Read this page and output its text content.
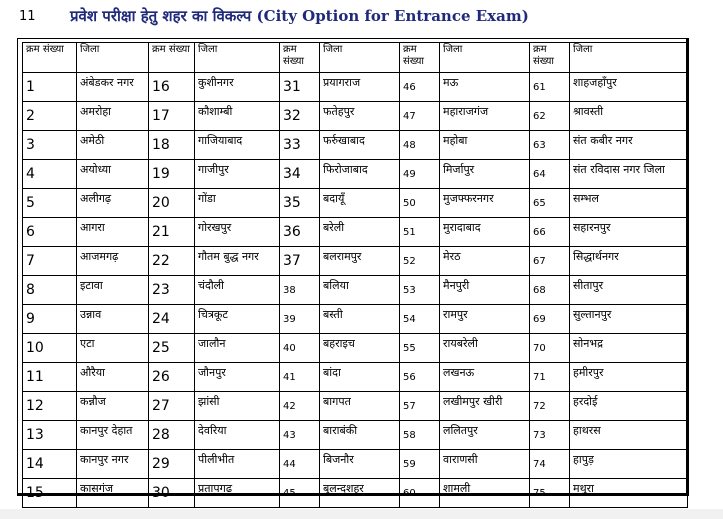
11 प्रवेश परीक्षा हेतु शहर का विकल्प (City Option for Entrance Exam)
क्रम संख्या	जिला	क्रम संख्या	जिला	क्रम संख्या	जिला	क्रम संख्या	जिला	क्रम संख्या	जिला
1	अंबेडकर नगर	16	कुशीनगर	31	प्रयागराज	46	मऊ	61	शाहजहाँपुर
2	अमरोहा	17	कौशाम्बी	32	फतेहपुर	47	महाराजगंज	62	श्रावस्ती
3	अमेठी	18	गाजियाबाद	33	फर्रुखाबाद	48	महोबा	63	संत कबीर नगर
4	अयोध्या	19	गाजीपुर	34	फिरोजाबाद	49	मिर्जापुर	64	संत रविदास नगर जिला
5	अलीगढ़	20	गोंडा	35	बदायूँ	50	मुजफ्फरनगर	65	सम्भल
6	आगरा	21	गोरखपुर	36	बरेली	51	मुरादाबाद	66	सहारनपुर
7	आजमगढ़	22	गौतम बुद्ध नगर	37	बलरामपुर	52	मेरठ	67	सिद्धार्थनगर
8	इटावा	23	चंदौली	38	बलिया	53	मैनपुरी	68	सीतापुर
9	उन्नाव	24	चित्रकूट	39	बस्ती	54	रामपुर	69	सुल्तानपुर
10	एटा	25	जालौन	40	बहराइच	55	रायबरेली	70	सोनभद्र
11	औरैया	26	जौनपुर	41	बांदा	56	लखनऊ	71	हमीरपुर
12	कन्नौज	27	झांसी	42	बागपत	57	लखीमपुर खीरी	72	हरदोई
13	कानपुर देहात	28	देवरिया	43	बाराबंकी	58	ललितपुर	73	हाथरस
14	कानपुर नगर	29	पीलीभीत	44	बिजनौर	59	वाराणसी	74	हापुड़
15	कासगंज	30	प्रतापगढ़	45	बुलन्दशहर	60	शामली	75	मथुरा
